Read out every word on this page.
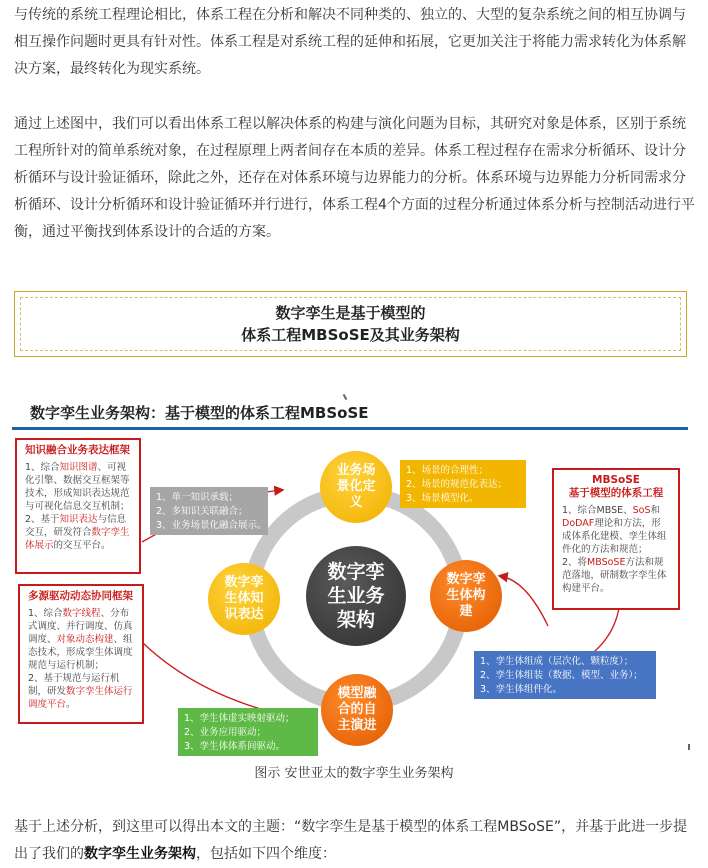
与传统的系统工程理论相比，体系工程在分析和解决不同种类的、独立的、大型的复杂系统之间的相互协调与相互操作问题时更具有针对性。体系工程是对系统工程的延伸和拓展，它更加关注于将能力需求转化为体系解决方案，最终转化为现实系统。

通过上述图中，我们可以看出体系工程以解决体系的构建与演化问题为目标，其研究对象是体系，区别于系统工程所针对的简单系统对象，在过程原理上两者间存在本质的差异。体系工程过程存在需求分析循环、设计分析循环与设计验证循环，除此之外，还存在对体系环境与边界能力的分析。体系环境与边界能力分析同需求分析循环、设计分析循环和设计验证循环并行进行，体系工程4个方面的过程分析通过体系分析与控制活动进行平衡，通过平衡找到体系设计的合适的方案。

数字孪生是基于模型的
体系工程MBSoSE及其业务架构
数字孪生业务架构：基于模型的体系工程MBSoSE
知识融合业务表达框架
1、综合知识图谱、可视化引擎、数据交互框架等技术，形成知识表达规范与可视化信息交互机制；
2、基于知识表达与信息交互，研发符合数字孪生体展示的交互平台。
多源驱动动态协同框架
1、综合数字线程、分布式调度、并行调度、仿真调度、对象动态构建、组态技术，形成孪生体调度规范与运行机制；
2、基于规范与运行机制，研发数字孪生体运行调度平台。
MBSoSE
基于模型的体系工程
1、综合MBSE、SoS和DoDAF理论和方法，形成体系化建模、孪生体组件化的方法和规范；
2、将MBSoSE方法和规范落地，研制数字孪生体构建平台。
1、单一知识承载；
2、多知识关联融合；
3、业务场景化融合展示。
1、场景的合理性；
2、场景的规范化表达；
3、场景模型化。
1、孪生体组成（层次化、颗粒度）；
2、孪生体组装（数据、模型、业务）；
3、孪生体组件化。
1、孪生体虚实映射驱动；
2、业务应用驱动；
3、孪生体体系间驱动。
数字孪
生业务
架构
业务场
景化定
义
数字孪
生体构
建
模型融
合的自
主演进
数字孪
生体知
识表达
图示 安世亚太的数字孪生业务架构

基于上述分析，到这里可以得出本文的主题：“数字孪生是基于模型的体系工程MBSoSE”，并基于此进一步提出了我们的数字孪生业务架构，包括如下四个维度：
